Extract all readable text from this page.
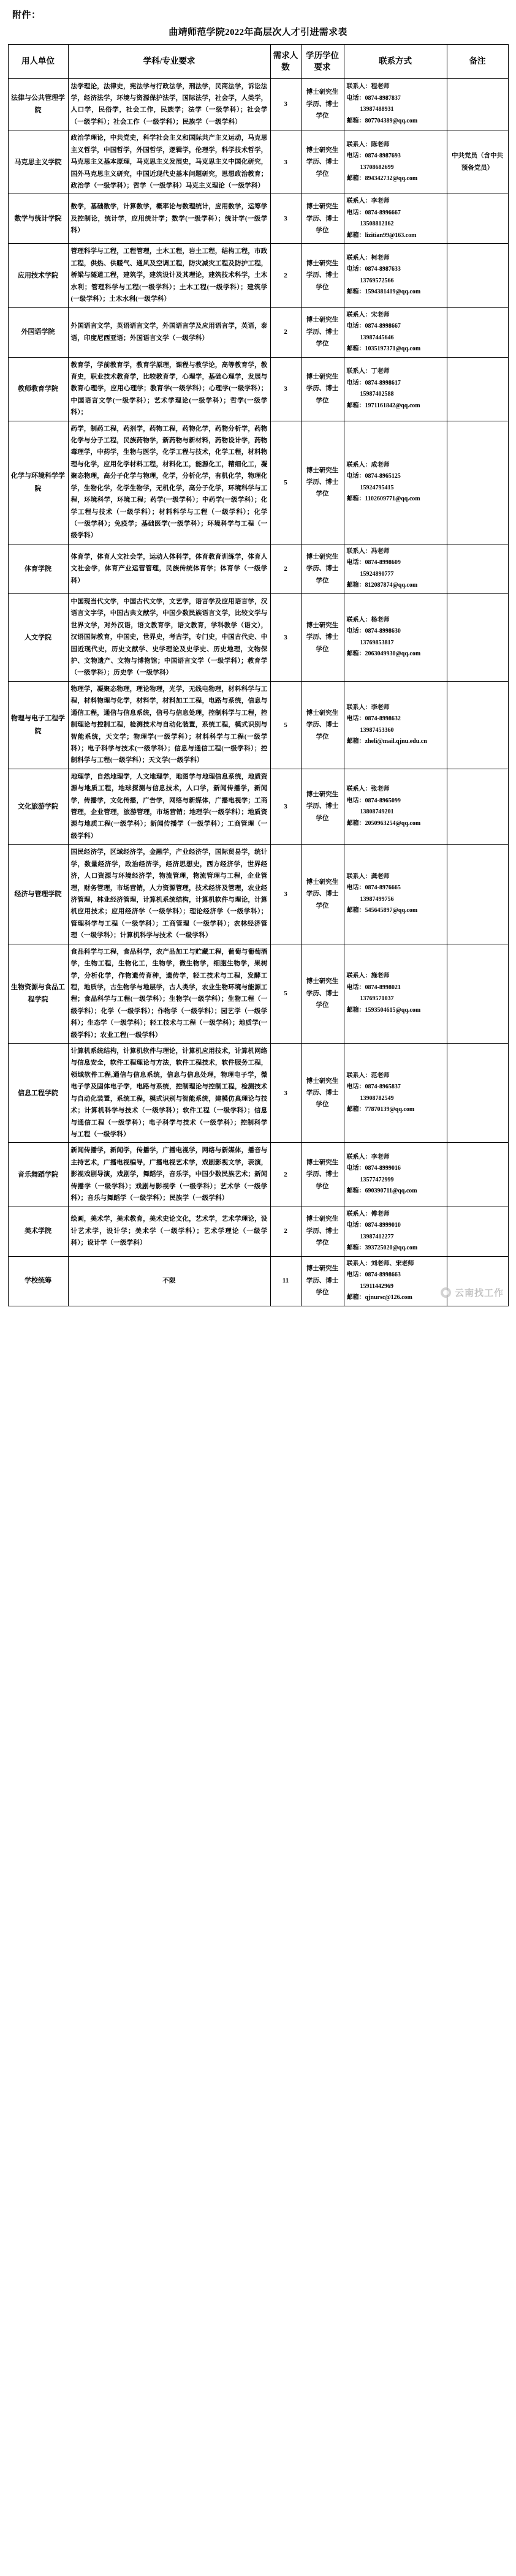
附件：
曲靖师范学院2022年高层次人才引进需求表
用人单位	学科/专业要求	需求人数	学历学位要求	联系方式	备注
法律与公共管理学院	法学理论，法律史，宪法学与行政法学，刑法学，民商法学，诉讼法学，经济法学，环境与资源保护法学，国际法学，社会学，人类学，人口学，民俗学，社会工作，民族学；法学（一级学科）；社会学（一级学科）；社会工作（一级学科）；民族学（一级学科）	3	博士研究生学历、博士学位	联系人：程老师
电话：0874-8987837
13987488931
邮箱：807704389@qq.com	

马克思主义学院	政治学理论，中共党史，科学社会主义和国际共产主义运动，马克思主义哲学，中国哲学，外国哲学，逻辑学，伦理学，科学技术哲学，马克思主义基本原理，马克思主义发展史，马克思主义中国化研究，国外马克思主义研究，中国近现代史基本问题研究，思想政治教育；政治学（一级学科）；哲学（一级学科）马克主义理论（一级学科）	3	博士研究生学历、博士学位	联系人：陈老师
电话：0874-8987693
13708682699
邮箱：894342732@qq.com	中共党员（含中共预备党员）
数学与统计学院	数学，基础数学，计算数学，概率论与数理统计，应用数学，运筹学及控制论，统计学，应用统计学；数学(一级学科）；统计学(一级学科）	3	博士研究生学历、博士学位	联系人：李老师
电话：0874-8996667
13508812162
邮箱：lizitian99@163.com	

应用技术学院	管理科学与工程，工程管理，土木工程，岩土工程，结构工程，市政工程，供热、供暖气、通风及空调工程，防灾减灾工程及防护工程，桥梁与隧道工程，建筑学，建筑设计及其理论，建筑技术科学，土木水利；管理科学与工程(一级学科）；土木工程(一级学科）；建筑学(一级学科）；土木水利(一级学科）	2	博士研究生学历、博士学位	联系人：柯老师
电话：0874-8987633
13769572566
邮箱：1594381419@qq.com	

外国语学院	外国语言文学，英语语言文学，外国语言学及应用语言学，英语，泰语，印度尼西亚语；外国语言文学（一级学科）	2	博士研究生学历、博士学位	联系人：宋老师
电话：0874-8998667
13987445646
邮箱：1035197371@qq.com	

教师教育学院	教育学，学前教育学，教育学原理，课程与教学论，高等教育学，教育史，职业技术教育学，比较教育学，心理学，基础心理学，发展与教育心理学，应用心理学；教育学(一级学科）；心理学(一级学科）；中国语言文学(一级学科）；艺术学理论(一级学科）；哲学(一级学科）；	3	博士研究生学历、博士学位	联系人：丁老师
电话：0874-8998617
15987402588
邮箱：1971161842@qq.com	

化学与环境科学学院	药学，制药工程，药剂学，药物工程，药物化学，药物分析学，药物化学与分子工程，民族药物学，新药物与新材料，药物设计学，药物毒理学，中药学，生物与医学，化学工程与技术，化学工程，材料物理与化学，应用化学材料工程，材料化工，能源化工，精细化工，凝聚态物理，高分子化学与物理，化学，分析化学，有机化学，物理化学，生物化学，化学生物学，无机化学，高分子化学，环境科学与工程，环境科学，环境工程；药学(一级学科）；中药学(一级学科）；化学工程与技术（一级学科）；材料科学与工程（一级学科）；化学（一级学科）；免疫学；基础医学(一级学科）；环境科学与工程（一级学科）	5	博士研究生学历、博士学位	
联系人：成老师
电话：0874-8965125
15924795415
邮箱：1102609771@qq.com

体育学院	体育学，体育人文社会学，运动人体科学，体育教育训练学，体育人文社会学，体育产业运营管理，民族传统体育学；体育学（一级学科）	2	博士研究生学历、博士学位	联系人：冯老师
电话：0874-8998609
15924890777
邮箱：812087874@qq.com	

人文学院	中国现当代文学，中国古代文学，文艺学，语言学及应用语言学，汉语言文字学，中国古典文献学，中国少数民族语言文学，比较文学与世界文学，对外汉语，语文教育学，语文教育，学科教学（语文），汉语国际教育，中国史，世界史，考古学，专门史，中国古代史、中国近现代史，历史文献学、史学理论及史学史、历史地理，文物保护、文物遗产、文物与博物馆；中国语言文学（一级学科）；教育学（一级学科）；历史学（一级学科）	3	博士研究生学历、博士学位	联系人：杨老师
电话：0874-8998630
13769853817
邮箱：2063049930@qq.com	

物理与电子工程学院	物理学，凝聚态物理，理论物理，光学，无线电物理，材料科学与工程，材料物理与化学，材料学，材料加工工程，电路与系统，信息与通信工程，通信与信息系统，信号与信息处理，控制科学与工程，控制理论与控制工程，检测技术与自动化装置，系统工程，模式识别与智能系统，天文学；物理学(一级学科）；材料科学与工程(一级学科）；电子科学与技术(一级学科）；信息与通信工程(一级学科）；控制科学与工程(一级学科）；天文学(一级学科）	5	博士研究生学历、博士学位	
联系人：李老师
电话：0874-8998632
13987453360
邮箱：zheli@mail.qjnu.edu.cn

文化旅游学院	地理学，自然地理学，人文地理学，地图学与地理信息系统，地质资源与地质工程，地球探测与信息技术，人口学，新闻传播学，新闻学，传播学，文化传播，广告学，网络与新媒体，广播电视学；工商管理，企业管理，旅游管理，市场营销；地理学(一级学科）；地质资源与地质工程(一级学科）；新闻传播学（一级学科）；工商管理（一级学科）	3	博士研究生学历、博士学位	联系人：张老师
电话：0874-8965099
13808749201
邮箱：2050963254@qq.com	

经济与管理学院	国民经济学，区域经济学，金融学，产业经济学，国际贸易学，统计学，数量经济学，政治经济学，经济思想史，西方经济学，世界经济，人口资源与环境经济学，物流管理，物流管理与工程，企业管理，财务管理，市场营销，人力资源管理，技术经济及管理，农业经济管理，林业经济管理，计算机系统结构，计算机软件与理论，计算机应用技术；应用经济学（一级学科）；理论经济学（一级学科）；管理科学与工程（一级学科）；工商管理（一级学科）；农林经济管理（一级学科）；计算机科学与技术（一级学科）	3	博士研究生学历、博士学位	
联系人：龚老师
电话：0874-8976665
13987499756
邮箱：545645897@qq.com

生物资源与食品工程学院	食品科学与工程，食品科学，农产品加工与贮藏工程，葡萄与葡萄酒学，生物工程，生物化工，生物学，微生物学，细胞生物学，果树学，分析化学，作物遗传育种，遗传学，轻工技术与工程，发酵工程，地质学，古生物学与地层学，古人类学，农业生物环境与能源工程；食品科学与工程(一级学科）；生物学(一级学科）；生物工程（一级学科）；化学（一级学科）；作物学（一级学科）；园艺学（一级学科）；生态学（一级学科）；轻工技术与工程（一级学科）；地质学(一级学科）；农业工程(一级学科）	5	博士研究生学历、博士学位	
联系人：施老师
电话：0874-8998021
13769571037
邮箱：1593504615@qq.com

信息工程学院	计算机系统结构，计算机软件与理论，计算机应用技术，计算机网络与信息安全，软件工程理论与方法，软件工程技术，软件服务工程，领域软件工程,通信与信息系统，信息与信息处理，物理电子学，微电子学及固体电子学，电路与系统，控制理论与控制工程，检测技术与自动化装置，系统工程，模式识别与智能系统，建模仿真理论与技术；计算机科学与技术（一级学科）；软件工程（一级学科）；信息与通信工程（一级学科）；电子科学与技术（一级学科）；控制科学与工程（一级学科）	3	博士研究生学历、博士学位	
联系人：范老师
电话：0874-8965837
13908782549
邮箱：77870139@qq.com

音乐舞蹈学院	新闻传播学，新闻学，传播学，广播电视学，网络与新媒体，播音与主持艺术，广播电视编导，广播电视艺术学，戏剧影视文学，表演，影视戏剧导演，戏剧学，舞蹈学，音乐学，中国少数民族艺术；新闻传播学（一级学科）；戏剧与影视学（一级学科）；艺术学（一级学科）；音乐与舞蹈学（一级学科）；民族学（一级学科）	2	博士研究生学历、博士学位	联系人：李老师
电话：0874-8999016
13577472999
邮箱：690390711@qq.com	

美术学院	绘画，美术学，美术教育，美术史论文化，艺术学，艺术学理论，设计艺术学，设计学；美术学（一级学科）；艺术学理论（一级学科）；设计学（一级学科）	2	博士研究生学历、博士学位	联系人：傅老师
电话：0874-8999010
13987412277
邮箱：393725020@qq.com	

学校统筹	不限	11	博士研究生学历、博士学位	联系人：刘老师、宋老师
电话：0874-8998663
15911442969
邮箱：qjnursc@126.com	
		云南找工作
